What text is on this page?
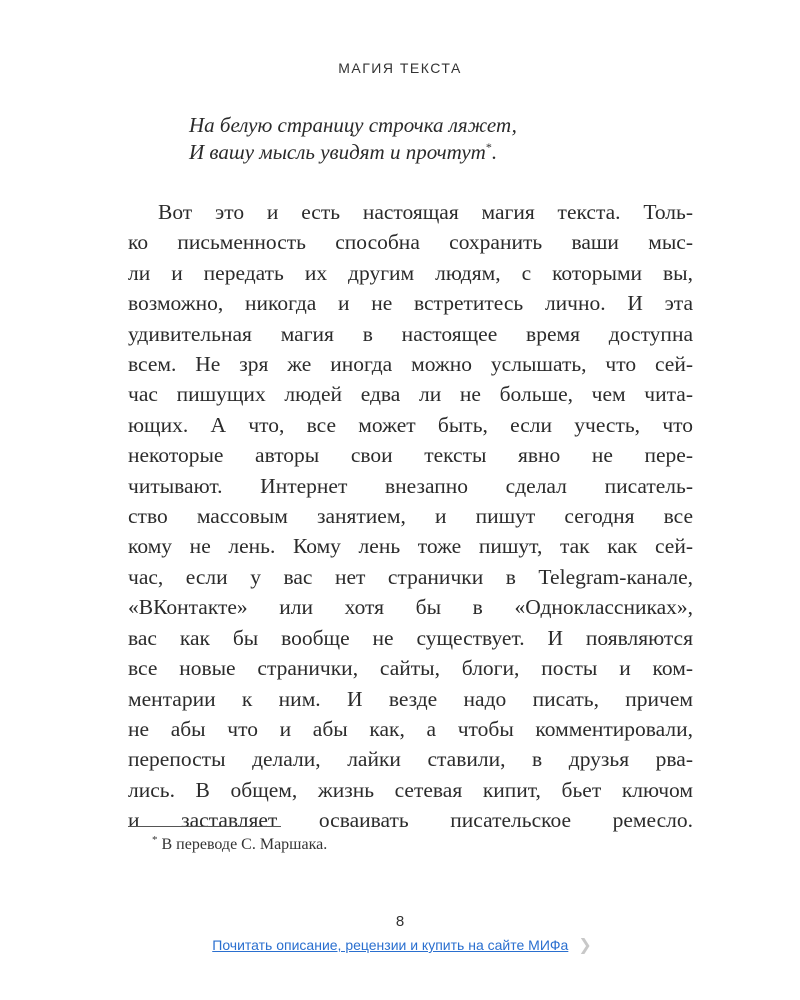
МАГИЯ ТЕКСТА
На белую страницу строчка ляжет,
И вашу мысль увидят и прочтут*.
Вот это и есть настоящая магия текста. Толь-
ко письменность способна сохранить ваши мыс-
ли и передать их другим людям, с которыми вы,
возможно, никогда и не встретитесь лично. И эта
удивительная магия в настоящее время доступна
всем. Не зря же иногда можно услышать, что сей-
час пишущих людей едва ли не больше, чем чита-
ющих. А что, все может быть, если учесть, что
некоторые авторы свои тексты явно не пере-
читывают. Интернет внезапно сделал писатель-
ство массовым занятием, и пишут сегодня все
кому не лень. Кому лень тоже пишут, так как сей-
час, если у вас нет странички в Telegram-канале,
«ВКонтакте» или хотя бы в «Одноклассниках»,
вас как бы вообще не существует. И появляются
все новые странички, сайты, блоги, посты и ком-
ментарии к ним. И везде надо писать, причем
не абы что и абы как, а чтобы комментировали,
перепосты делали, лайки ставили, в друзья рва-
лись. В общем, жизнь сетевая кипит, бьет ключом
и заставляет осваивать писательское ремесло.
* В переводе С. Маршака.
8
Почитать описание, рецензии и купить на сайте МИФа ❯
